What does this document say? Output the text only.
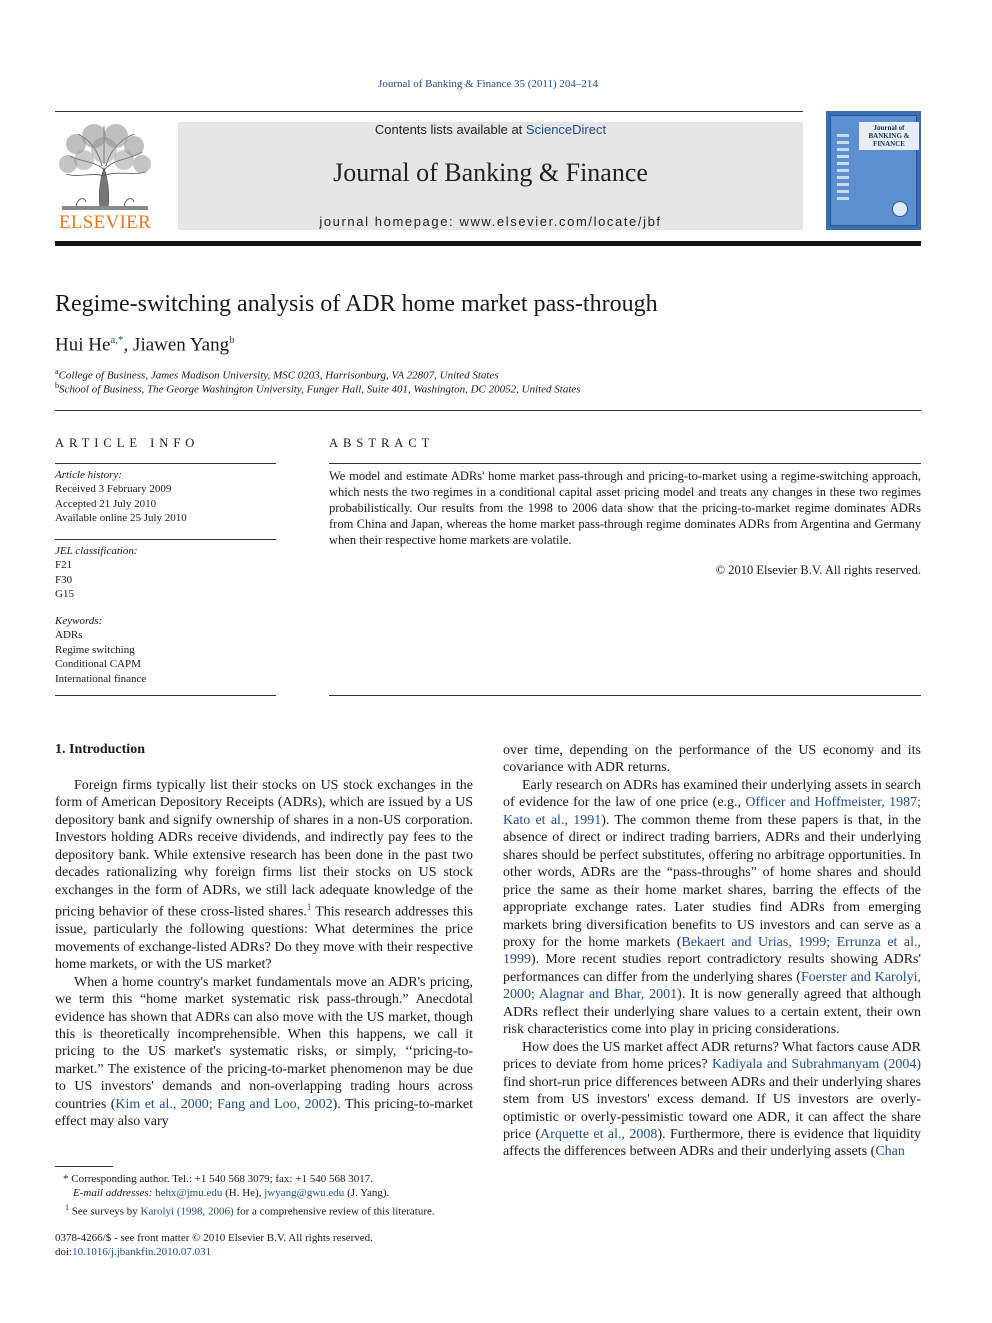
Journal of Banking & Finance 35 (2011) 204–214
ELSEVIER
Contents lists available at ScienceDirect
Journal of Banking & Finance
journal homepage: www.elsevier.com/locate/jbf
Journal of BANKING & FINANCE
Regime-switching analysis of ADR home market pass-through
Hui $He^{a,*}$, Jiawen Yang$^b$
$^a$College of Business, James Madison University, MSC 0203, Harrisonburg, VA 22807, United States
$^b$School of Business, The George Washington University, Funger Hall, Suite 401, Washington, DC 20052, United States
ARTICLE INFO
Article history:
Received 3 February 2009
Accepted 21 July 2010
Available online 25 July 2010
JEL classification:
F21
F30
G15
Keywords:
ADRs
Regime switching
Conditional CAPM
International finance
ABSTRACT
We model and estimate ADRs' home market pass-through and pricing-to-market using a regime-switching approach, which nests the two regimes in a conditional capital asset pricing model and treats any changes in these two regimes probabilistically. Our results from the 1998 to 2006 data show that the pricing-to-market regime dominates ADRs from China and Japan, whereas the home market pass-through regime dominates ADRs from Argentina and Germany when their respective home markets are volatile.
© 2010 Elsevier B.V. All rights reserved.
1. Introduction

Foreign firms typically list their stocks on US stock exchanges in the form of American Depository Receipts (ADRs), which are issued by a US depository bank and signify ownership of shares in a non-US corporation. Investors holding ADRs receive dividends, and indirectly pay fees to the depository bank. While extensive research has been done in the past two decades rationalizing why foreign firms list their stocks on US stock exchanges in the form of ADRs, we still lack adequate knowledge of the pricing behavior of these cross-listed shares.$^1$ This research addresses this issue, particularly the following questions: What determines the price movements of exchange-listed ADRs? Do they move with their respective home markets, or with the US market?

When a home country's market fundamentals move an ADR's pricing, we term this “home market systematic risk pass-through.” Anecdotal evidence has shown that ADRs can also move with the US market, though this is theoretically incomprehensible. When this happens, we call it pricing to the US market's systematic risks, or simply, ‘‘pricing-to-market.” The existence of the pricing-to-market phenomenon may be due to US investors' demands and non-overlapping trading hours across countries (Kim et al., 2000; Fang and Loo, 2002). This pricing-to-market effect may also vary

over time, depending on the performance of the US economy and its covariance with ADR returns.

Early research on ADRs has examined their underlying assets in search of evidence for the law of one price (e.g., Officer and Hoffmeister, 1987; Kato et al., 1991). The common theme from these papers is that, in the absence of direct or indirect trading barriers, ADRs and their underlying shares should be perfect substitutes, offering no arbitrage opportunities. In other words, ADRs are the “pass-throughs” of home shares and should price the same as their home market shares, barring the effects of the appropriate exchange rates. Later studies find ADRs from emerging markets bring diversification benefits to US investors and can serve as a proxy for the home markets (Bekaert and Urias, 1999; Errunza et al., 1999). More recent studies report contradictory results showing ADRs' performances can differ from the underlying shares (Foerster and Karolyi, 2000; Alagnar and Bhar, 2001). It is now generally agreed that although ADRs reflect their underlying share values to a certain extent, their own risk characteristics come into play in pricing considerations.

How does the US market affect ADR returns? What factors cause ADR prices to deviate from home prices? Kadiyala and Subrahmanyam (2004) find short-run price differences between ADRs and their underlying shares stem from US investors' excess demand. If US investors are overly-optimistic or overly-pessimistic toward one ADR, it can affect the share price (Arquette et al., 2008). Furthermore, there is evidence that liquidity affects the differences between ADRs and their underlying assets (Chan

* Corresponding author. Tel.: +1 540 568 3079; fax: +1 540 568 3017.
E-mail addresses: hehx@jmu.edu (H. He), jwyang@gwu.edu (J. Yang).
$^1$ See surveys by Karolyi (1998, 2006) for a comprehensive review of this literature.
0378-4266/$ - see front matter © 2010 Elsevier B.V. All rights reserved.
doi:10.1016/j.jbankfin.2010.07.031
